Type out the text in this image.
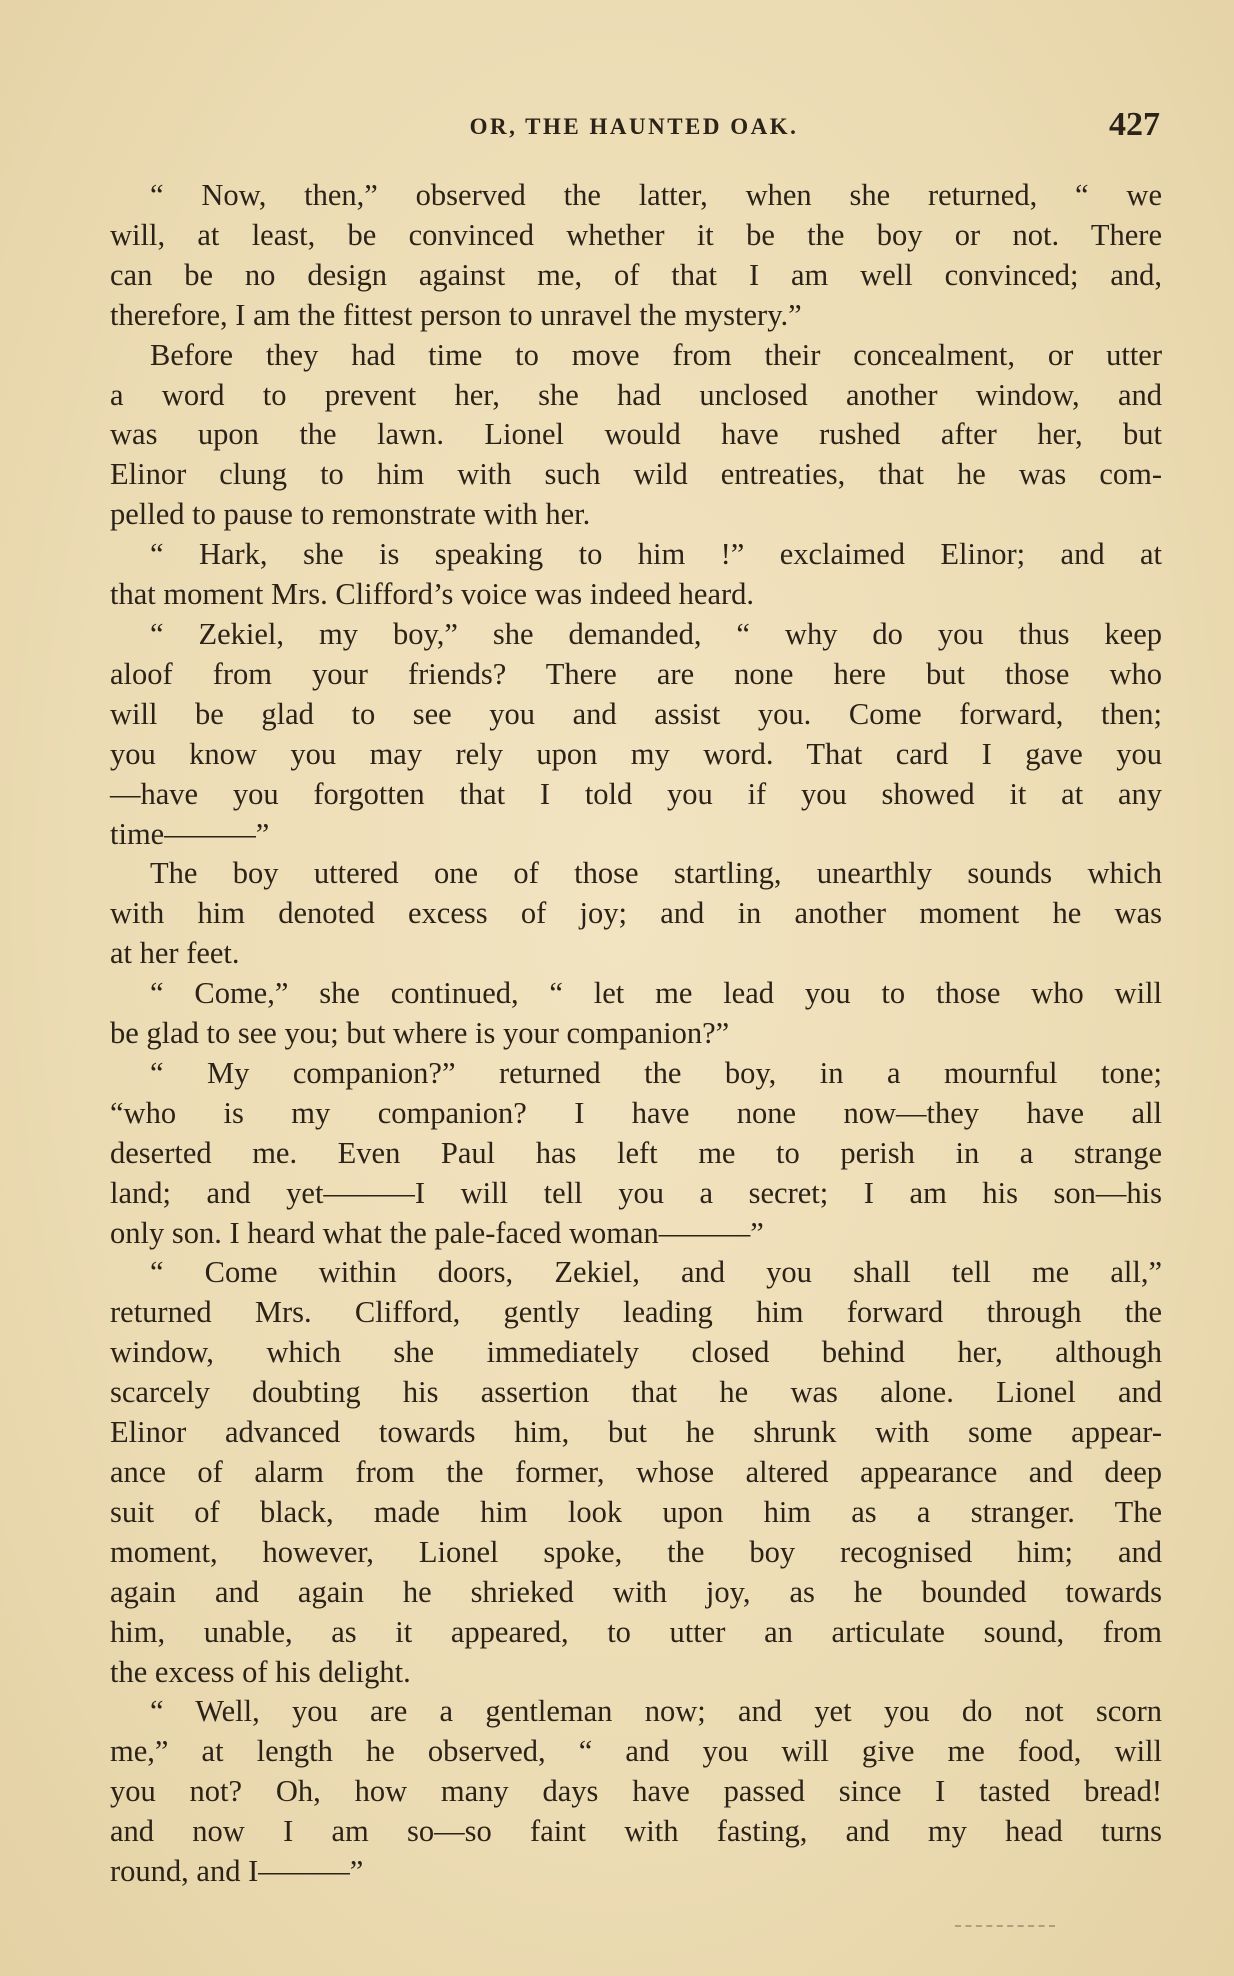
OR, THE HAUNTED OAK.	427
“ Now, then,” observed the latter, when she returned, “ we
will, at least, be convinced whether it be the boy or not. There
can be no design against me, of that I am well convinced; and,
therefore, I am the fittest person to unravel the mystery.”
Before they had time to move from their concealment, or utter
a word to prevent her, she had unclosed another window, and
was upon the lawn. Lionel would have rushed after her, but
Elinor clung to him with such wild entreaties, that he was com-
pelled to pause to remonstrate with her.
“ Hark, she is speaking to him !” exclaimed Elinor; and at
that moment Mrs. Clifford’s voice was indeed heard.
“ Zekiel, my boy,” she demanded, “ why do you thus keep
aloof from your friends? There are none here but those who
will be glad to see you and assist you. Come forward, then;
you know you may rely upon my word. That card I gave you
—have you forgotten that I told you if you showed it at any
time———”
The boy uttered one of those startling, unearthly sounds which
with him denoted excess of joy; and in another moment he was
at her feet.
“ Come,” she continued, “ let me lead you to those who will
be glad to see you; but where is your companion?”
“ My companion?” returned the boy, in a mournful tone;
“who is my companion? I have none now—they have all
deserted me. Even Paul has left me to perish in a strange
land; and yet———I will tell you a secret; I am his son—his
only son. I heard what the pale-faced woman———”
“ Come within doors, Zekiel, and you shall tell me all,”
returned Mrs. Clifford, gently leading him forward through the
window, which she immediately closed behind her, although
scarcely doubting his assertion that he was alone. Lionel and
Elinor advanced towards him, but he shrunk with some appear-
ance of alarm from the former, whose altered appearance and deep
suit of black, made him look upon him as a stranger. The
moment, however, Lionel spoke, the boy recognised him; and
again and again he shrieked with joy, as he bounded towards
him, unable, as it appeared, to utter an articulate sound, from
the excess of his delight.
“ Well, you are a gentleman now; and yet you do not scorn
me,” at length he observed, “ and you will give me food, will
you not? Oh, how many days have passed since I tasted bread!
and now I am so—so faint with fasting, and my head turns
round, and I———”
